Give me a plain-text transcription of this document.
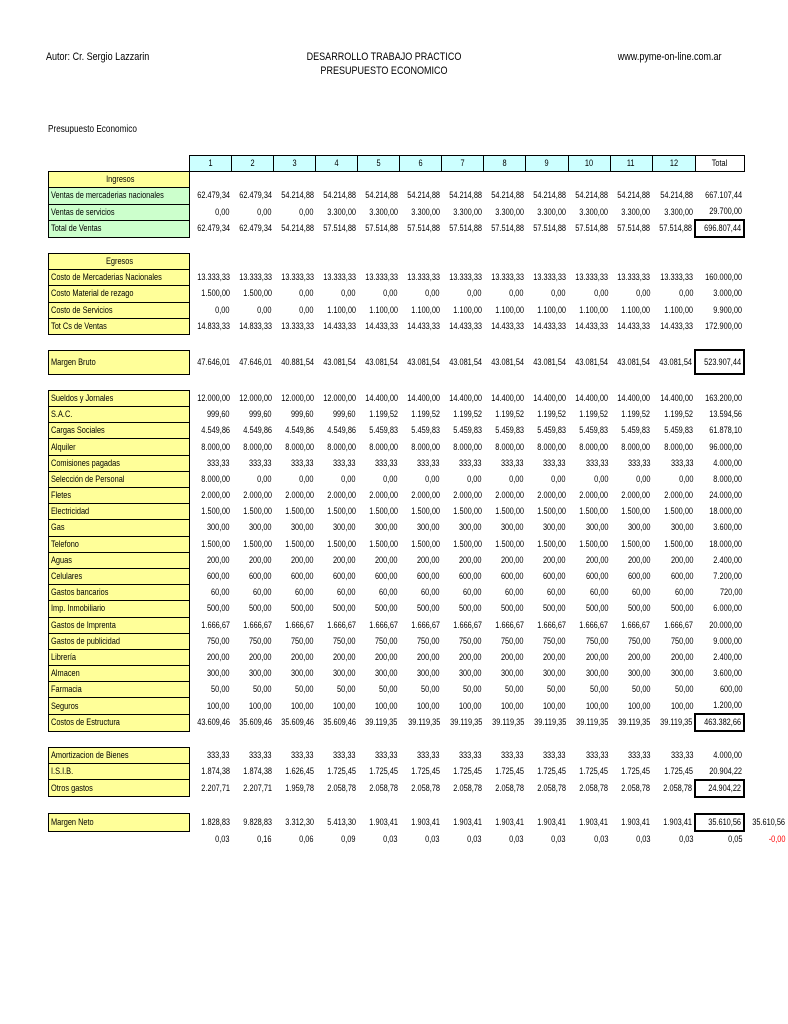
Autor: Cr. Sergio Lazzarin	DESARROLLO TRABAJO PRACTICO
PRESUPUESTO ECONOMICO
www.pyme-on-line.com.ar
Presupuesto Economico
	1	2	3	4	5	6	7	8	9	10	11	12	Total	
Ingresos														
Ventas de mercaderias nacionales	62.479,34	62.479,34	54.214,88	54.214,88	54.214,88	54.214,88	54.214,88	54.214,88	54.214,88	54.214,88	54.214,88	54.214,88	667.107,44	
Ventas de servicios	0,00	0,00	0,00	3.300,00	3.300,00	3.300,00	3.300,00	3.300,00	3.300,00	3.300,00	3.300,00	3.300,00	29.700,00	
Total de Ventas	62.479,34	62.479,34	54.214,88	57.514,88	57.514,88	57.514,88	57.514,88	57.514,88	57.514,88	57.514,88	57.514,88	57.514,88	696.807,44	

Egresos														
Costo de Mercaderias Nacionales	13.333,33	13.333,33	13.333,33	13.333,33	13.333,33	13.333,33	13.333,33	13.333,33	13.333,33	13.333,33	13.333,33	13.333,33	160.000,00	
Costo Material de rezago	1.500,00	1.500,00	0,00	0,00	0,00	0,00	0,00	0,00	0,00	0,00	0,00	0,00	3.000,00	
Costo de Servicios	0,00	0,00	0,00	1.100,00	1.100,00	1.100,00	1.100,00	1.100,00	1.100,00	1.100,00	1.100,00	1.100,00	9.900,00	
Tot Cs de Ventas	14.833,33	14.833,33	13.333,33	14.433,33	14.433,33	14.433,33	14.433,33	14.433,33	14.433,33	14.433,33	14.433,33	14.433,33	172.900,00	

Margen Bruto	47.646,01	47.646,01	40.881,54	43.081,54	43.081,54	43.081,54	43.081,54	43.081,54	43.081,54	43.081,54	43.081,54	43.081,54	523.907,44	

Sueldos y Jornales	12.000,00	12.000,00	12.000,00	12.000,00	14.400,00	14.400,00	14.400,00	14.400,00	14.400,00	14.400,00	14.400,00	14.400,00	163.200,00	
S.A.C.	999,60	999,60	999,60	999,60	1.199,52	1.199,52	1.199,52	1.199,52	1.199,52	1.199,52	1.199,52	1.199,52	13.594,56	
Cargas Sociales	4.549,86	4.549,86	4.549,86	4.549,86	5.459,83	5.459,83	5.459,83	5.459,83	5.459,83	5.459,83	5.459,83	5.459,83	61.878,10	
Alquiler	8.000,00	8.000,00	8.000,00	8.000,00	8.000,00	8.000,00	8.000,00	8.000,00	8.000,00	8.000,00	8.000,00	8.000,00	96.000,00	
Comisiones pagadas	333,33	333,33	333,33	333,33	333,33	333,33	333,33	333,33	333,33	333,33	333,33	333,33	4.000,00	
Selección de Personal	8.000,00	0,00	0,00	0,00	0,00	0,00	0,00	0,00	0,00	0,00	0,00	0,00	8.000,00	
Fletes	2.000,00	2.000,00	2.000,00	2.000,00	2.000,00	2.000,00	2.000,00	2.000,00	2.000,00	2.000,00	2.000,00	2.000,00	24.000,00	
Electricidad	1.500,00	1.500,00	1.500,00	1.500,00	1.500,00	1.500,00	1.500,00	1.500,00	1.500,00	1.500,00	1.500,00	1.500,00	18.000,00	
Gas	300,00	300,00	300,00	300,00	300,00	300,00	300,00	300,00	300,00	300,00	300,00	300,00	3.600,00	
Telefono	1.500,00	1.500,00	1.500,00	1.500,00	1.500,00	1.500,00	1.500,00	1.500,00	1.500,00	1.500,00	1.500,00	1.500,00	18.000,00	
Aguas	200,00	200,00	200,00	200,00	200,00	200,00	200,00	200,00	200,00	200,00	200,00	200,00	2.400,00	
Celulares	600,00	600,00	600,00	600,00	600,00	600,00	600,00	600,00	600,00	600,00	600,00	600,00	7.200,00	
Gastos bancarios	60,00	60,00	60,00	60,00	60,00	60,00	60,00	60,00	60,00	60,00	60,00	60,00	720,00	
Imp. Inmobiliario	500,00	500,00	500,00	500,00	500,00	500,00	500,00	500,00	500,00	500,00	500,00	500,00	6.000,00	
Gastos de Imprenta	1.666,67	1.666,67	1.666,67	1.666,67	1.666,67	1.666,67	1.666,67	1.666,67	1.666,67	1.666,67	1.666,67	1.666,67	20.000,00	
Gastos de publicidad	750,00	750,00	750,00	750,00	750,00	750,00	750,00	750,00	750,00	750,00	750,00	750,00	9.000,00	
Librería	200,00	200,00	200,00	200,00	200,00	200,00	200,00	200,00	200,00	200,00	200,00	200,00	2.400,00	
Almacen	300,00	300,00	300,00	300,00	300,00	300,00	300,00	300,00	300,00	300,00	300,00	300,00	3.600,00	
Farmacia	50,00	50,00	50,00	50,00	50,00	50,00	50,00	50,00	50,00	50,00	50,00	50,00	600,00	
Seguros	100,00	100,00	100,00	100,00	100,00	100,00	100,00	100,00	100,00	100,00	100,00	100,00	1.200,00	
Costos de Estructura	43.609,46	35.609,46	35.609,46	35.609,46	39.119,35	39.119,35	39.119,35	39.119,35	39.119,35	39.119,35	39.119,35	39.119,35	463.382,66	

Amortizacion de Bienes	333,33	333,33	333,33	333,33	333,33	333,33	333,33	333,33	333,33	333,33	333,33	333,33	4.000,00	
I.S.I.B.	1.874,38	1.874,38	1.626,45	1.725,45	1.725,45	1.725,45	1.725,45	1.725,45	1.725,45	1.725,45	1.725,45	1.725,45	20.904,22	
Otros gastos	2.207,71	2.207,71	1.959,78	2.058,78	2.058,78	2.058,78	2.058,78	2.058,78	2.058,78	2.058,78	2.058,78	2.058,78	24.904,22	

Margen Neto	1.828,83	9.828,83	3.312,30	5.413,30	1.903,41	1.903,41	1.903,41	1.903,41	1.903,41	1.903,41	1.903,41	1.903,41	35.610,56	35.610,56
	0,03	0,16	0,06	0,09	0,03	0,03	0,03	0,03	0,03	0,03	0,03	0,03	0,05	-0,00
